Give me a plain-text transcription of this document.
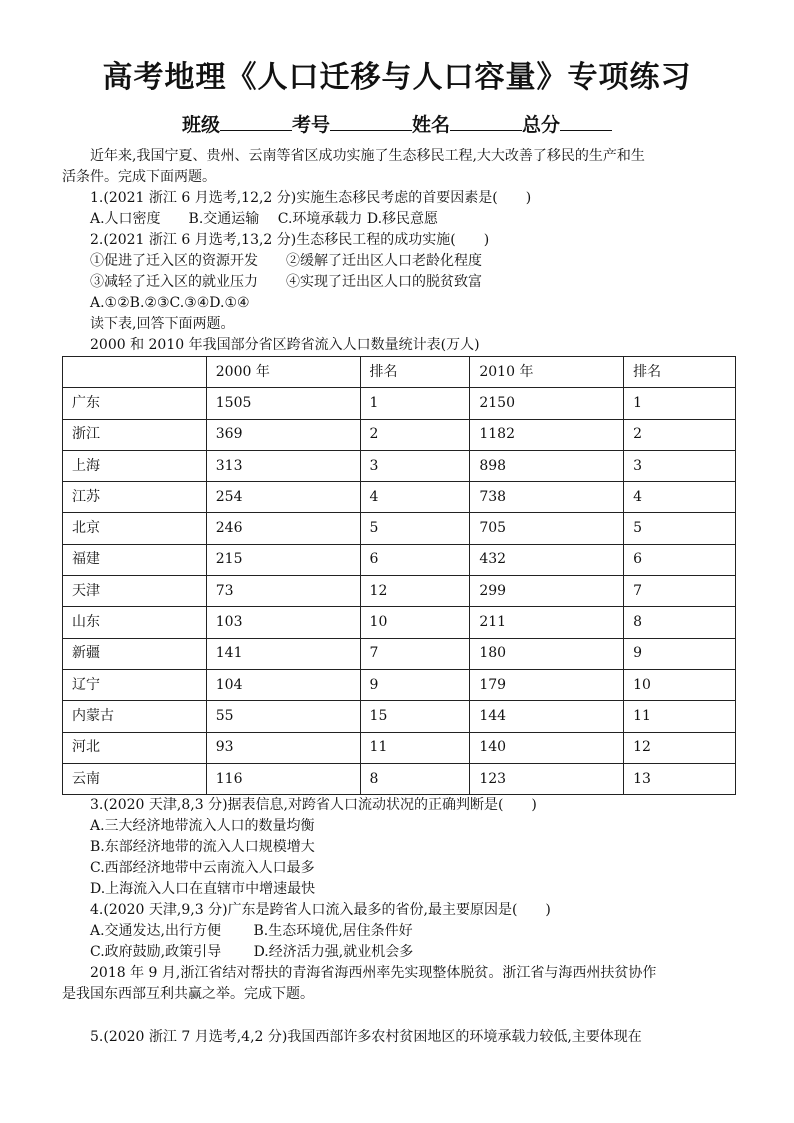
高考地理《人口迁移与人口容量》专项练习
班级	考号	姓名	总分
近年来,我国宁夏、贵州、云南等省区成功实施了生态移民工程,大大改善了移民的生产和生
活条件。完成下面两题。
1.(2021 浙江 6 月选考,12,2 分)实施生态移民考虑的首要因素是(　　)
A.人口密度　　B.交通运输　 C.环境承载力 D.移民意愿
2.(2021 浙江 6 月选考,13,2 分)生态移民工程的成功实施(　　)
①促进了迁入区的资源开发　　②缓解了迁出区人口老龄化程度
③减轻了迁入区的就业压力　　④实现了迁出区人口的脱贫致富
A.①②B.②③C.③④D.①④
读下表,回答下面两题。
2000 和 2010 年我国部分省区跨省流入人口数量统计表(万人)
	2000 年	排名	2010 年	排名
广东	1505	1	2150	1
浙江	369	2	1182	2
上海	313	3	898	3
江苏	254	4	738	4
北京	246	5	705	5
福建	215	6	432	6
天津	73	12	299	7
山东	103	10	211	8
新疆	141	7	180	9
辽宁	104	9	179	10
内蒙古	55	15	144	11
河北	93	11	140	12
云南	116	8	123	13
3.(2020 天津,8,3 分)据表信息,对跨省人口流动状况的正确判断是(　　)
A.三大经济地带流入人口的数量均衡
B.东部经济地带的流入人口规模增大
C.西部经济地带中云南流入人口最多
D.上海流入人口在直辖市中增速最快
4.(2020 天津,9,3 分)广东是跨省人口流入最多的省份,最主要原因是(　　)
A.交通发达,出行方便　　 B.生态环境优,居住条件好
C.政府鼓励,政策引导　　 D.经济活力强,就业机会多
2018 年 9 月,浙江省结对帮扶的青海省海西州率先实现整体脱贫。浙江省与海西州扶贫协作
是我国东西部互利共赢之举。完成下题。
5.(2020 浙江 7 月选考,4,2 分)我国西部许多农村贫困地区的环境承载力较低,主要体现在
